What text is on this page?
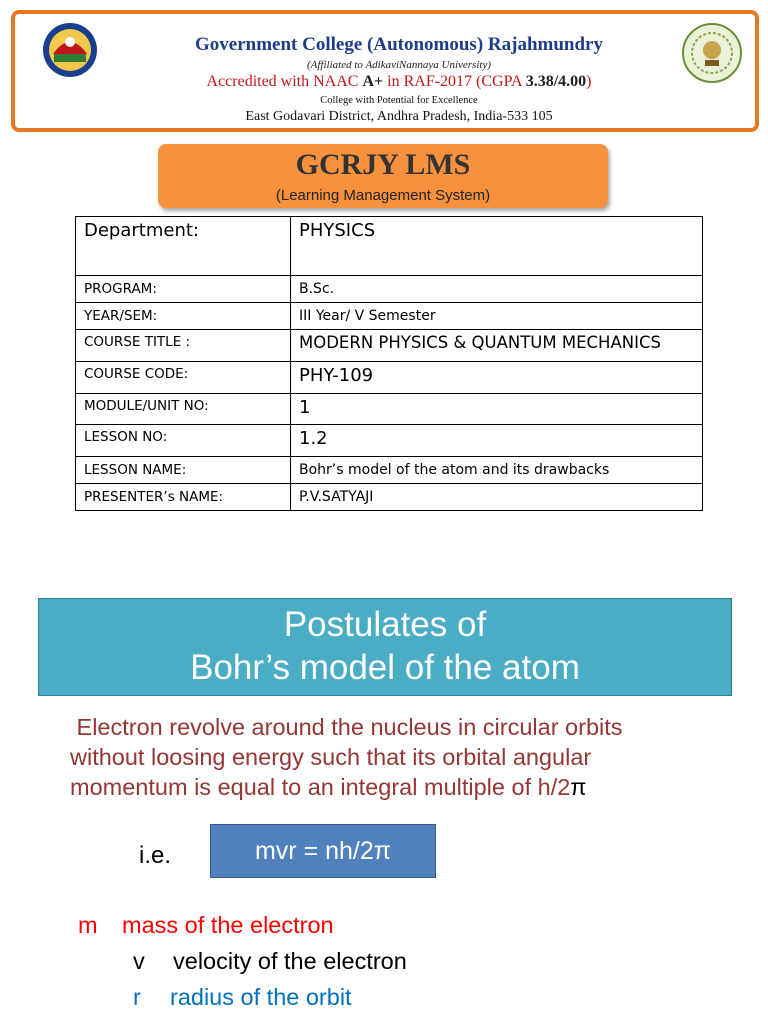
Government College (Autonomous) Rajahmundry
(Affiliated to AdikaviNannaya University)
Accredited with NAAC A+ in RAF-2017 (CGPA 3.38/4.00)
College with Potential for Excellence
East Godavari District, Andhra Pradesh, India-533 105
GCRJY LMS
(Learning Management System)
Department:	PHYSICS
PROGRAM:	B.Sc.
YEAR/SEM:	III Year/ V Semester
COURSE TITLE :	MODERN PHYSICS & QUANTUM MECHANICS
COURSE CODE:	PHY-109
MODULE/UNIT NO:	1
LESSON NO:	1.2
LESSON NAME:	Bohr’s model of the atom and its drawbacks
PRESENTER’s NAME:	P.V.SATYAJI
Postulates of
Bohr’s model of the atom
Electron revolve around the nucleus in circular orbits
without loosing energy such that its orbital angular
momentum is equal to an integral multiple of h/2π
i.e.	mvr = nh/2π
m mass of the electron
v velocity of the electron
r radius of the orbit
